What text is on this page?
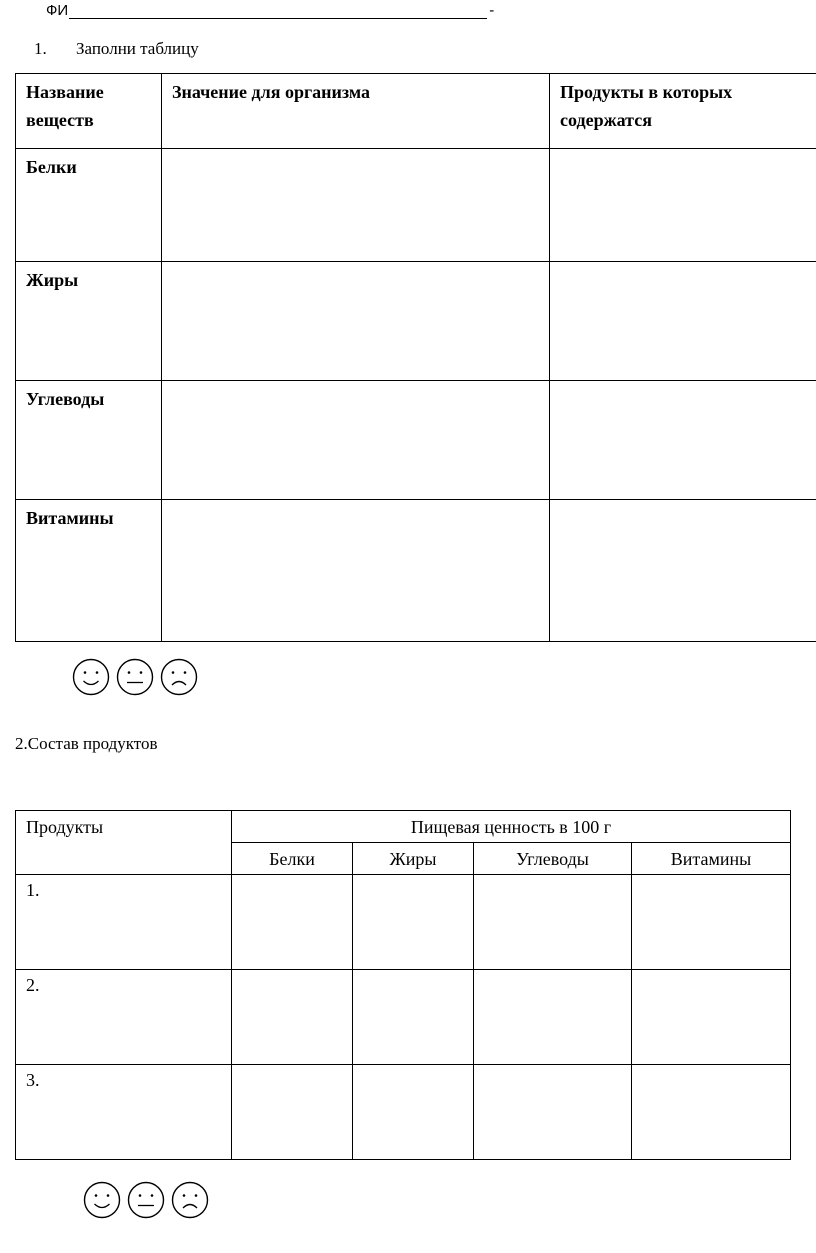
ФИ	-
1. Заполни таблицу
Название веществ	Значение для организма	Продукты в которых содержатся
Белки		
Жиры		
Углеводы		
Витамины		
2.Состав продуктов
Продукты	Пищевая ценность в 100 г			
	Белки	Жиры	Углеводы	Витамины
1.				
2.				
3.				
